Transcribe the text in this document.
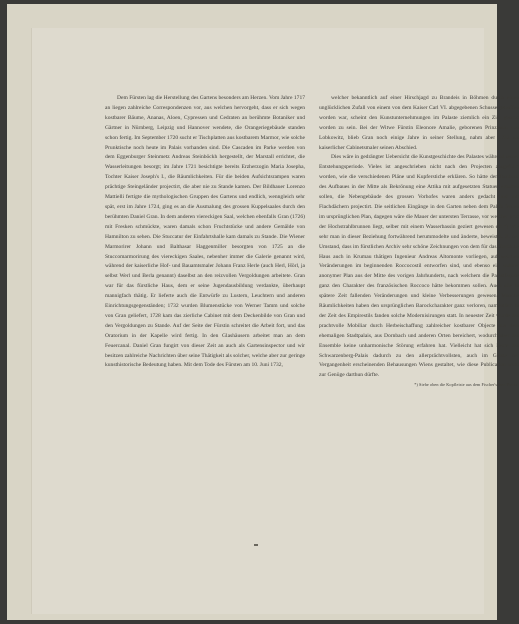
Dem Fürsten lag die Herstellung des Gartens besonders am Herzen. Vom Jahre 1717 an liegen zahlreiche Correspondenzen vor, aus welchen hervorgeht, dass er sich wegen kostbarer Bäume, Ananas, Aloen, Cypressen und Cedraten an berühmte Botaniker und Gärtner in Nürnberg, Leipzig und Hannover wendete, die Orangeriegebäude standen schon fertig. Im September 1720 sucht er Tischplatten aus kostbarem Marmor, wie solche Prunktische noch heute im Palais vorhanden sind. Die Cascaden im Parke werden von dem Eggenburger Steinmetz Andreas Steinböckh hergestellt, der Marstall errichtet, die Wasserleitungen besorgt; im Jahre 1721 besichtigte bereits Erzherzogin Maria Josepha, Tochter Kaiser Joseph's I., die Räumlichkeiten. Für die beiden Aufsichtsrampen waren prächtige Steingeländer projectirt, die aber nie zu Stande kamen. Der Bildhauer Lorenzo Mattielli fertigte die mythologischen Gruppen des Gartens und endlich, wenngleich sehr spät, erst im Jahre 1724, ging es an die Ausmalung des grossen Kuppelsaales durch den berühmten Daniel Gran. In dem anderen viereckigen Saal, welchen ebenfalls Gran (1726) mit Fresken schmückte, waren damals schon Fruchtstücke und andere Gemälde von Hamnilton zu sehen. Die Stuccatur der Einfahrtshalle kam damals zu Stande. Die Wiener Marmorirer Johann und Balthasar Haggenmiller besorgten von 1725 an die Stuccomarmorirung des viereckigen Saales, nebenher immer die Galerie genannt wird, während der kaiserliche Hof- und Bauamtsmaler Johann Franz Herle (auch Herl, Hörl, ja selbst Werl und Berla genannt) daselbst an den reizvollen Vergoldungen arbeitete. Gran war für das fürstliche Haus, dem er seine Jugendausbildung verdankte, überhaupt mannigfach thätig. Er lieferte auch die Entwürfe zu Lustern, Leuchtern und anderen Einrichtungsgegenständen; 1732 wurden Blumenstücke von Werner Tamm und solche von Gran geliefert, 1728 kam das zierliche Cabinet mit dem Deckenbilde von Gran und den Vergoldungen zu Stande. Auf der Seite der Fürstin schreitet die Arbeit fort, und das Oratorium in der Kapelle wird fertig. In den Glashäusern arbeitet man an dem Feuercanal. Daniel Gran fungirt von dieser Zeit an auch als Gartensinspector und wir besitzen zahlreiche Nachrichten über seine Thätigkeit als solcher, welche aber zur geringe kunsthistorische Bedeutung haben. Mit dem Tode des Fürsten am 10. Juni 1732,

welcher bekanntlich auf einer Hirschjagd zu Brandeis in Böhmen durch einen unglücklichen Zufall von einem von dem Kaiser Carl VI. abgegebenen Schusse getroffen worden war, scheint den Kunstunternehmungen im Palaste ziemlich ein Ziel gesetzt worden zu sein. Bei der Witwe Fürstin Eleonore Amalie, geborenen Prinzessin von Lobkowitz, blieb Gran noch einige Jahre in seiner Stellung, nahm aber 1733 als kaiserlicher Cabinetsmaler seinen Abschied.

Dies wäre in gedrängter Uebersicht die Kunstgeschichte des Palastes während seiner Entstehungsperiode. Vieles ist angeschrieben nicht nach den Projecten ausgeführt worden, wie die verschiedenen Pläne und Kupferstiche erklären. So hätte der Tambour des Aufbaues in der Mitte als Bekrönung eine Attika mit aufgesetzten Statuen erhalten sollen, die Nebengebäude des grossen Vorhofes waren anders gedacht und mit Flachdächern projectirt. Die seitlichen Eingänge in den Garten neben dem Palais fehlen im ursprünglichen Plan, dagegen wäre die Mauer der untersten Terrasse, vor welcher jetzt der Hochstrahlbrunnen liegt, selber mit einem Wasserbassin geziert gewesen etc.*) Wie sehr man in dieser Beziehung fortwährend herummodelte und änderte, beweist z. B. der Umstand, dass im fürstlichen Archiv sehr schöne Zeichnungen von dem für das fürstliche Haus auch in Krumau thätigen Ingenieur Andreas Altomonte vorliegen, auf welchen Veränderungen im beginnenden Roccocostil entworfen sind, und ebenso ein anderer anonymer Plan aus der Mitte des vorigen Jahrhunderts, nach welchem die Palastfaçade ganz den Charakter des französischen Roccoco hätte bekommen sollen. Auch alle in spätere Zeit fallenden Veränderungen und kleine Verbesserungen gewesen. Manche Räumlichkeiten haben den ursprünglichen Barockcharakter ganz verloren, namentlich in der Zeit des Empirestils fanden solche Modernisirungen statt. In neuester Zeit wurde das prachtvolle Mobiliar durch Herbeischaffung zahlreicher kostbarer Objecte aus dem ehemaligen Stadtpalais, aus Dornbach und anderen Orten bereichert, wodurch aber das Ensemble keine unharmonische Störung erfahren hat. Vielleicht hat sich heute das Schwarzenberg-Palais dadurch zu den allerprächtvollsten, auch im Geiste der Vergangenheit erscheinenden Behausungen Wiens gestaltet, wie diese Publication wohl zur Genüge darthun dürfte.

*) Siehe oben die Kopfleiste aus dem Fischer'schen Werke.
